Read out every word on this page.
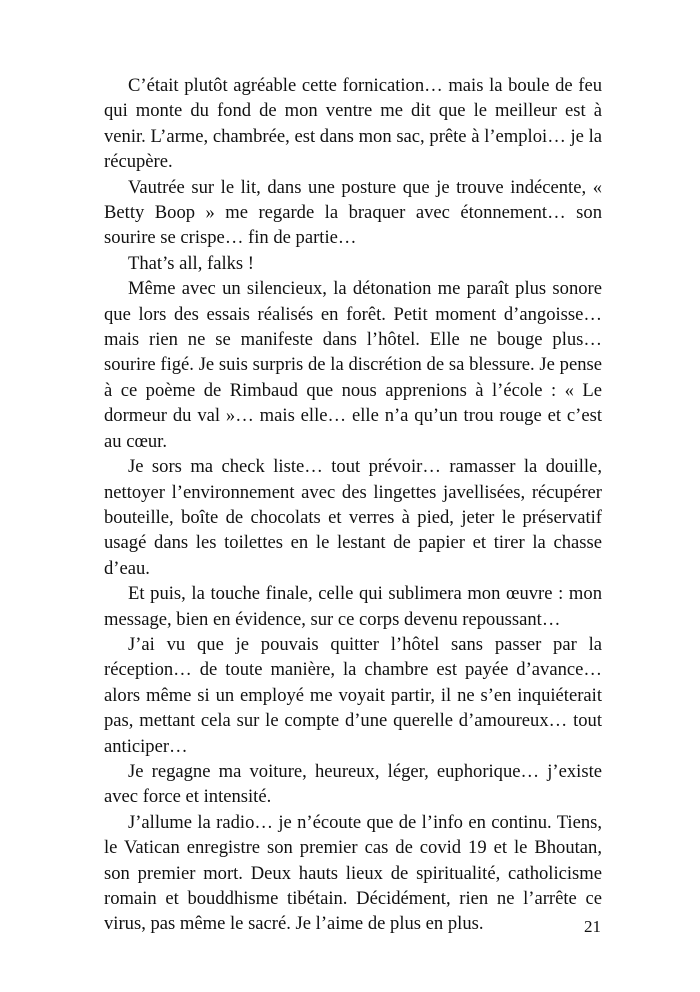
C’était plutôt agréable cette fornication… mais la boule de feu qui monte du fond de mon ventre me dit que le meilleur est à venir. L’arme, chambrée, est dans mon sac, prête à l’emploi… je la récupère.

Vautrée sur le lit, dans une posture que je trouve indécente, « Betty Boop » me regarde la braquer avec étonnement… son sourire se crispe… fin de partie…

That’s all, falks !

Même avec un silencieux, la détonation me paraît plus sonore que lors des essais réalisés en forêt. Petit moment d’angoisse… mais rien ne se manifeste dans l’hôtel. Elle ne bouge plus… sourire figé. Je suis surpris de la discrétion de sa blessure. Je pense à ce poème de Rimbaud que nous apprenions à l’école : « Le dormeur du val »… mais elle… elle n’a qu’un trou rouge et c’est au cœur.

Je sors ma check liste… tout prévoir… ramasser la douille, nettoyer l’environnement avec des lingettes javellisées, récupérer bouteille, boîte de chocolats et verres à pied, jeter le préservatif usagé dans les toilettes en le lestant de papier et tirer la chasse d’eau.

Et puis, la touche finale, celle qui sublimera mon œuvre : mon message, bien en évidence, sur ce corps devenu repoussant…

J’ai vu que je pouvais quitter l’hôtel sans passer par la réception… de toute manière, la chambre est payée d’avance… alors même si un employé me voyait partir, il ne s’en inquiéterait pas, mettant cela sur le compte d’une querelle d’amoureux… tout anticiper…

Je regagne ma voiture, heureux, léger, euphorique… j’existe avec force et intensité.

J’allume la radio… je n’écoute que de l’info en continu. Tiens, le Vatican enregistre son premier cas de covid 19 et le Bhoutan, son premier mort. Deux hauts lieux de spiritualité, catholicisme romain et bouddhisme tibétain. Décidément, rien ne l’arrête ce virus, pas même le sacré. Je l’aime de plus en plus.	21
